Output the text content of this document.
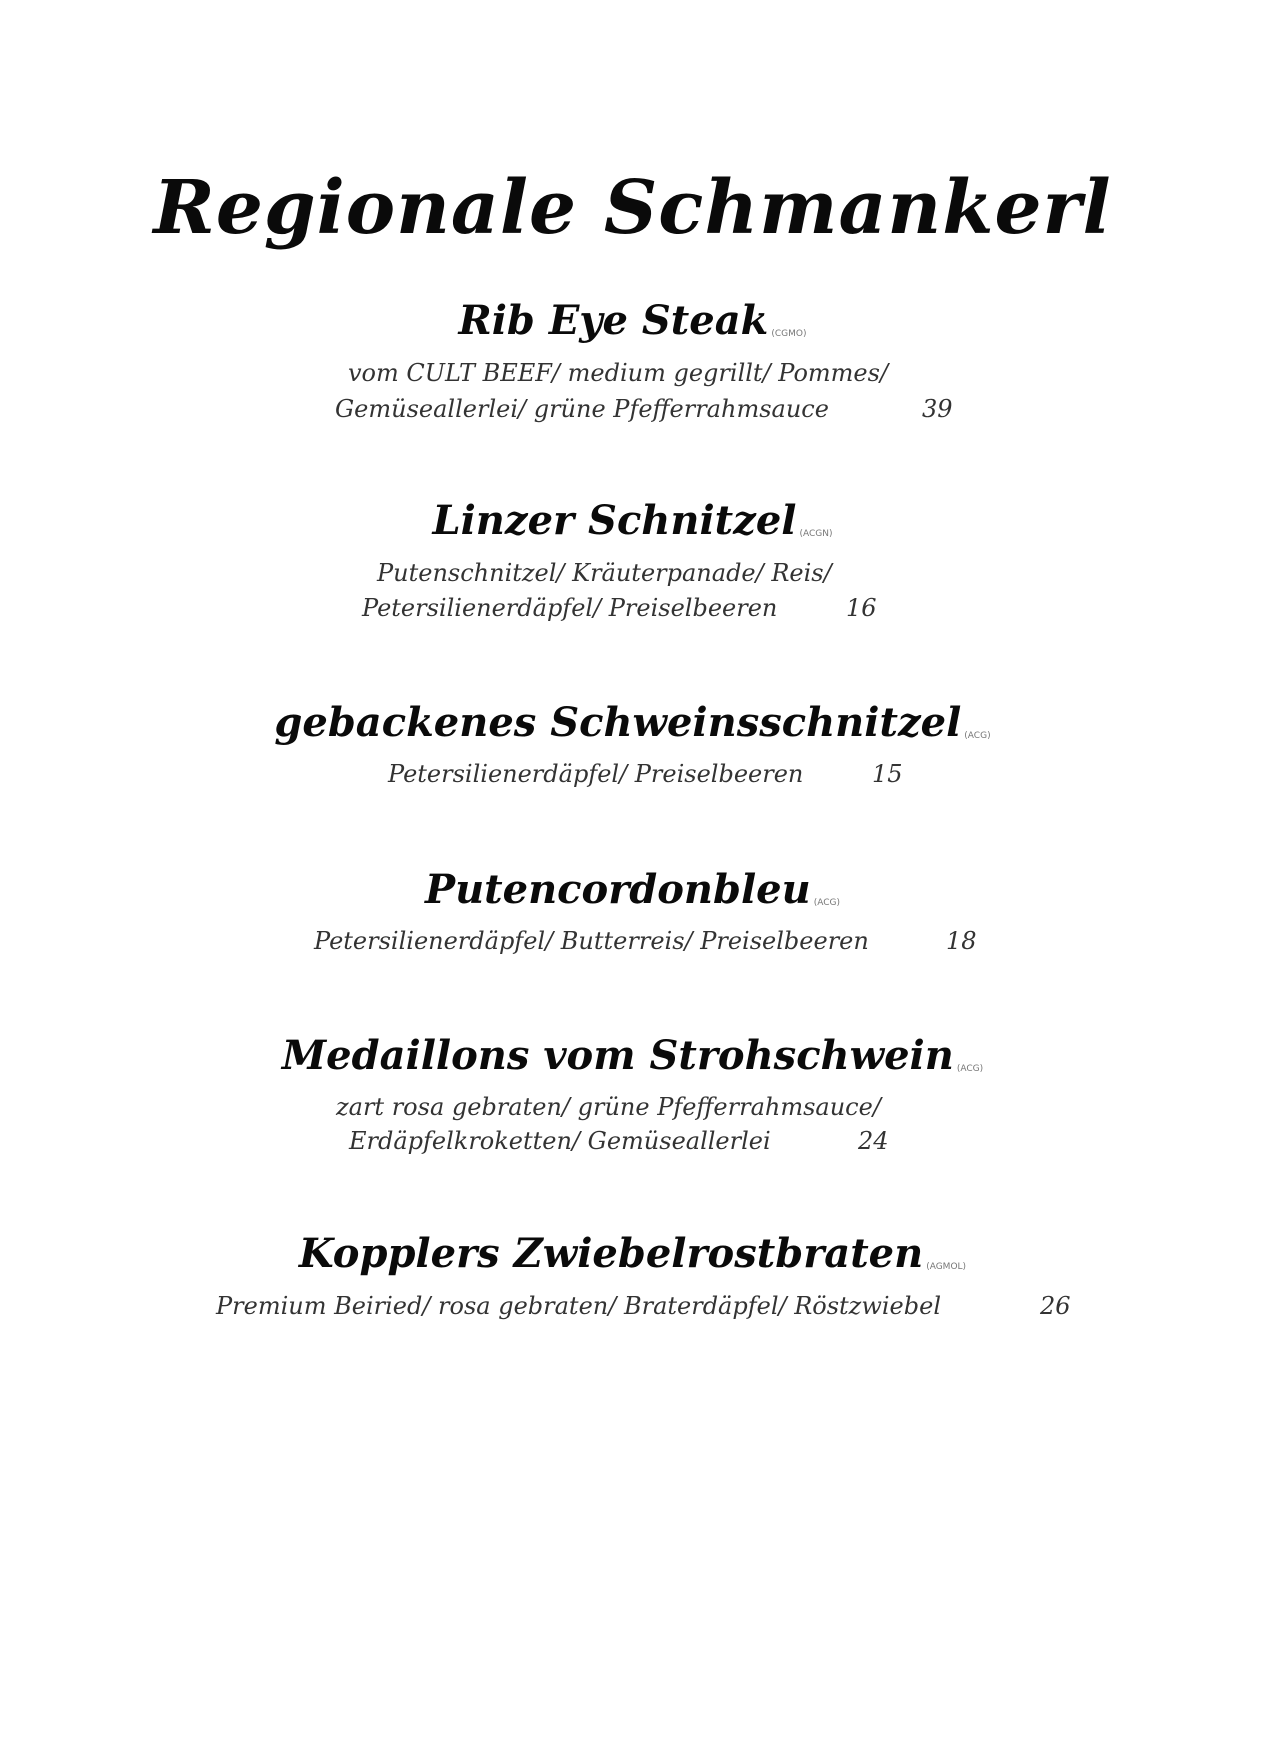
Regionale Schmankerl
Rib Eye Steak (CGMO)
vom CULT BEEF/ medium gegrillt/ Pommes/
Gemüseallerlei/ grüne Pfefferrahmsauce	39
Linzer Schnitzel (ACGN)
Putenschnitzel/ Kräuterpanade/ Reis/
Petersilienerdäpfel/ Preiselbeeren	16
gebackenes Schweinsschnitzel (ACG)
Petersilienerdäpfel/ Preiselbeeren	15
Putencordonbleu (ACG)
Petersilienerdäpfel/ Butterreis/ Preiselbeeren	18
Medaillons vom Strohschwein (ACG)
zart rosa gebraten/ grüne Pfefferrahmsauce/
Erdäpfelkroketten/ Gemüseallerlei	24
Kopplers Zwiebelrostbraten (AGMOL)
Premium Beiried/ rosa gebraten/ Braterdäpfel/ Röstzwiebel	26
